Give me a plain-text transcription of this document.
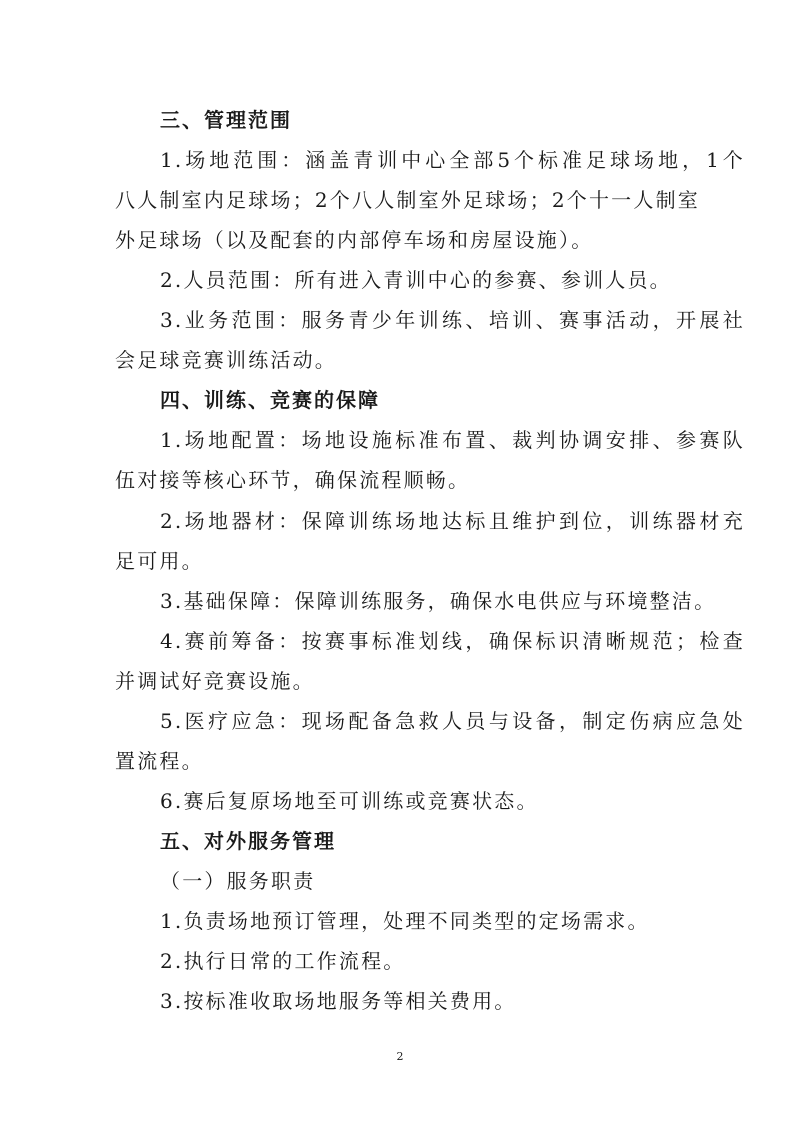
三、管理范围
1.场地范围：涵盖青训中心全部5个标准足球场地，1个
八人制室内足球场；2个八人制室外足球场；2个十一人制室
外足球场（以及配套的内部停车场和房屋设施）。
2.人员范围：所有进入青训中心的参赛、参训人员。
3.业务范围：服务青少年训练、培训、赛事活动，开展社
会足球竞赛训练活动。
四、训练、竞赛的保障
1.场地配置：场地设施标准布置、裁判协调安排、参赛队
伍对接等核心环节，确保流程顺畅。
2.场地器材：保障训练场地达标且维护到位，训练器材充
足可用。
3.基础保障：保障训练服务，确保水电供应与环境整洁。
4.赛前筹备：按赛事标准划线，确保标识清晰规范；检查
并调试好竞赛设施。
5.医疗应急：现场配备急救人员与设备，制定伤病应急处
置流程。
6.赛后复原场地至可训练或竞赛状态。
五、对外服务管理
（一）服务职责
1.负责场地预订管理，处理不同类型的定场需求。
2.执行日常的工作流程。
3.按标准收取场地服务等相关费用。
2
